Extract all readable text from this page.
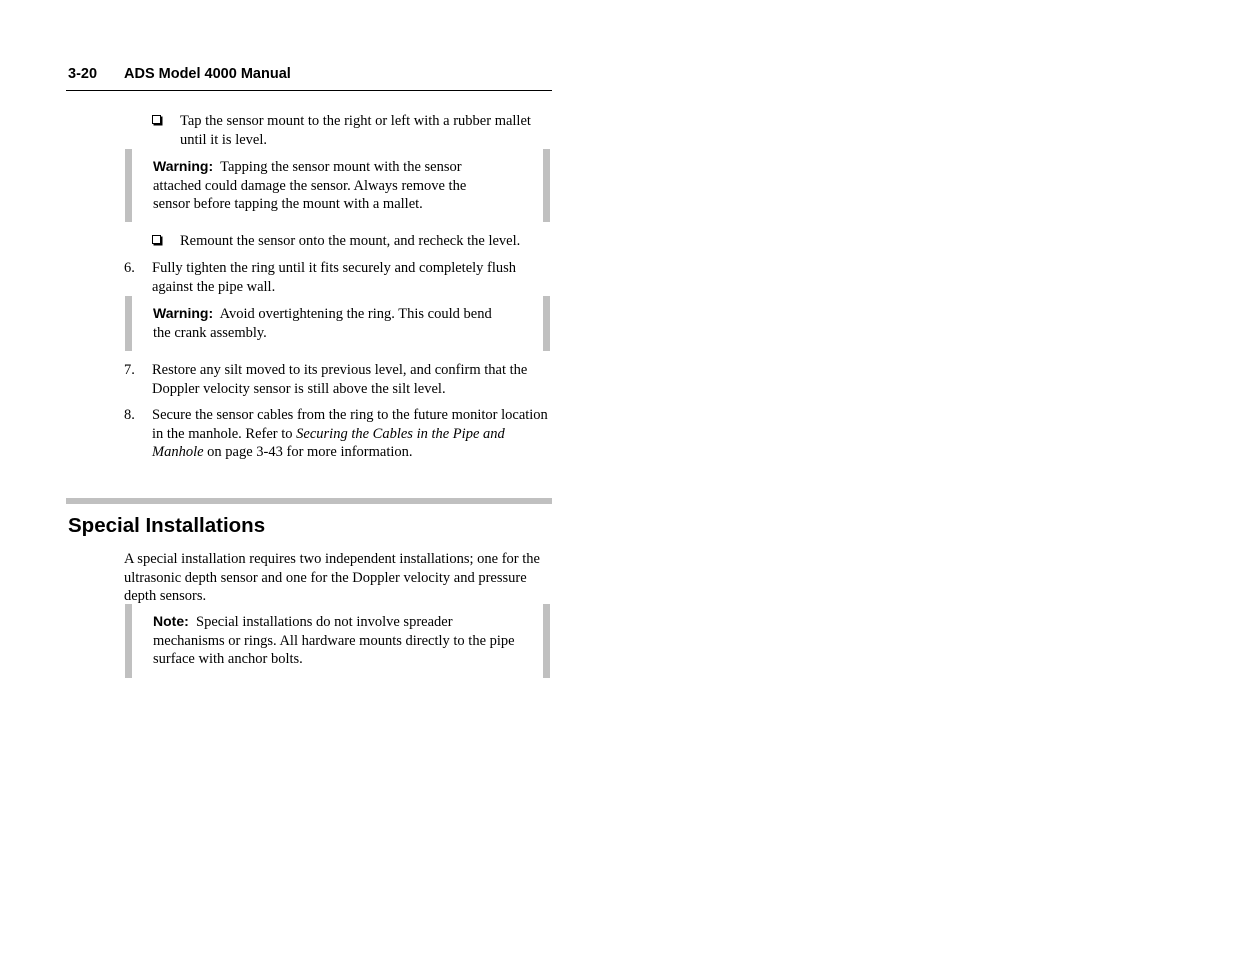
3-20 ADS Model 4000 Manual
Tap the sensor mount to the right or left with a rubber mallet until it is level.
Warning: Tapping the sensor mount with the sensor attached could damage the sensor. Always remove the sensor before tapping the mount with a mallet.
Remount the sensor onto the mount, and recheck the level.
6. Fully tighten the ring until it fits securely and completely flush against the pipe wall.
Warning: Avoid overtightening the ring. This could bend the crank assembly.
7. Restore any silt moved to its previous level, and confirm that the Doppler velocity sensor is still above the silt level.
8. Secure the sensor cables from the ring to the future monitor location in the manhole. Refer to Securing the Cables in the Pipe and Manhole on page 3-43 for more information.
Special Installations
A special installation requires two independent installations; one for the ultrasonic depth sensor and one for the Doppler velocity and pressure depth sensors.
Note: Special installations do not involve spreader mechanisms or rings. All hardware mounts directly to the pipe surface with anchor bolts.
